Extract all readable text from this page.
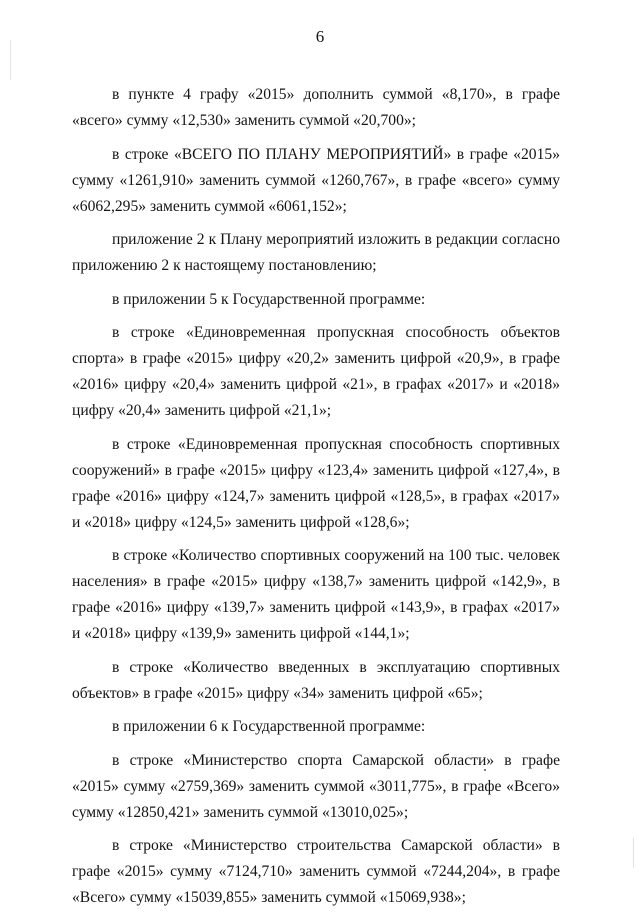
6

в пункте 4 графу «2015» дополнить суммой «8,170», в графе «всего» сумму «12,530» заменить суммой «20,700»;

в строке «ВСЕГО ПО ПЛАНУ МЕРОПРИЯТИЙ» в графе «2015» сумму «1261,910» заменить суммой «1260,767», в графе «всего» сумму «6062,295» заменить суммой «6061,152»;

приложение 2 к Плану мероприятий изложить в редакции согласно приложению 2 к настоящему постановлению;

в приложении 5 к Государственной программе:

в строке «Единовременная пропускная способность объектов спорта» в графе «2015» цифру «20,2» заменить цифрой «20,9», в графе «2016» цифру «20,4» заменить цифрой «21», в графах «2017» и «2018» цифру «20,4» заменить цифрой «21,1»;

в строке «Единовременная пропускная способность спортивных сооружений» в графе «2015» цифру «123,4» заменить цифрой «127,4», в графе «2016» цифру «124,7» заменить цифрой «128,5», в графах «2017» и «2018» цифру «124,5» заменить цифрой «128,6»;

в строке «Количество спортивных сооружений на 100 тыс. человек населения» в графе «2015» цифру «138,7» заменить цифрой «142,9», в графе «2016» цифру «139,7» заменить цифрой «143,9», в графах «2017» и «2018» цифру «139,9» заменить цифрой «144,1»;

в строке «Количество введенных в эксплуатацию спортивных объектов» в графе «2015» цифру «34» заменить цифрой «65»;

в приложении 6 к Государственной программе:

в строке «Министерство спорта Самарской области» в графе «2015» сумму «2759,369» заменить суммой «3011,775», в графе «Всего» сумму «12850,421» заменить суммой «13010,025»;

в строке «Министерство строительства Самарской области» в графе «2015» сумму «7124,710» заменить суммой «7244,204», в графе «Всего» сумму «15039,855» заменить суммой «15069,938»;
